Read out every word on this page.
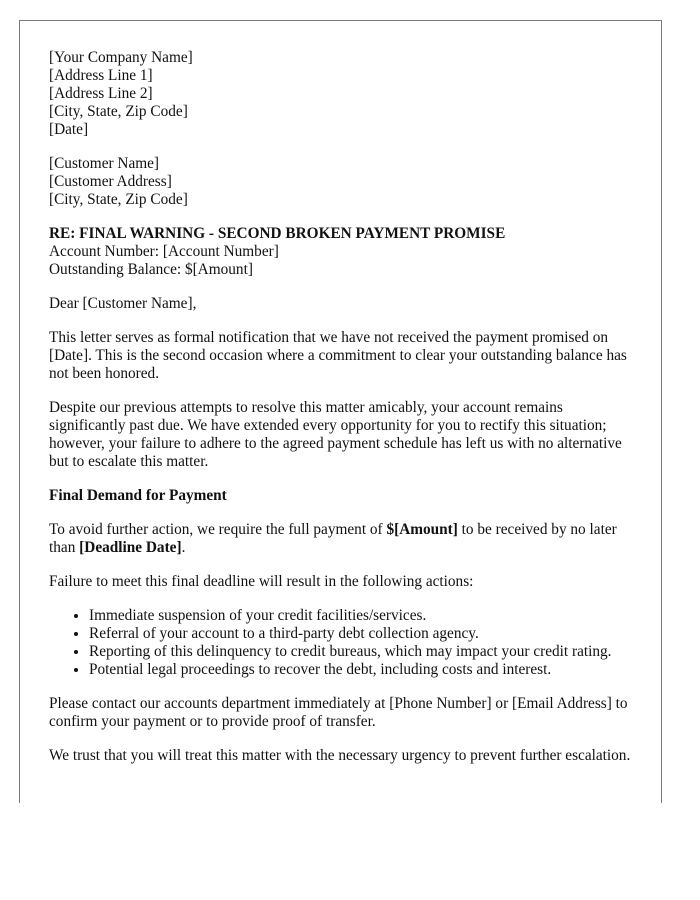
[Your Company Name]
[Address Line 1]
[Address Line 2]
[City, State, Zip Code]
[Date]
[Customer Name]
[Customer Address]
[City, State, Zip Code]
RE: FINAL WARNING - SECOND BROKEN PAYMENT PROMISE
Account Number: [Account Number]
Outstanding Balance: $[Amount]

Dear [Customer Name],

This letter serves as formal notification that we have not received the payment promised on [Date]. This is the second occasion where a commitment to clear your outstanding balance has not been honored.

Despite our previous attempts to resolve this matter amicably, your account remains significantly past due. We have extended every opportunity for you to rectify this situation; however, your failure to adhere to the agreed payment schedule has left us with no alternative but to escalate this matter.

Final Demand for Payment

To avoid further action, we require the full payment of $[Amount] to be received by no later than [Deadline Date].

Failure to meet this final deadline will result in the following actions:

• Immediate suspension of your credit facilities/services.
• Referral of your account to a third-party debt collection agency.
• Reporting of this delinquency to credit bureaus, which may impact your credit rating.
• Potential legal proceedings to recover the debt, including costs and interest.

Please contact our accounts department immediately at [Phone Number] or [Email Address] to confirm your payment or to provide proof of transfer.

We trust that you will treat this matter with the necessary urgency to prevent further escalation.
